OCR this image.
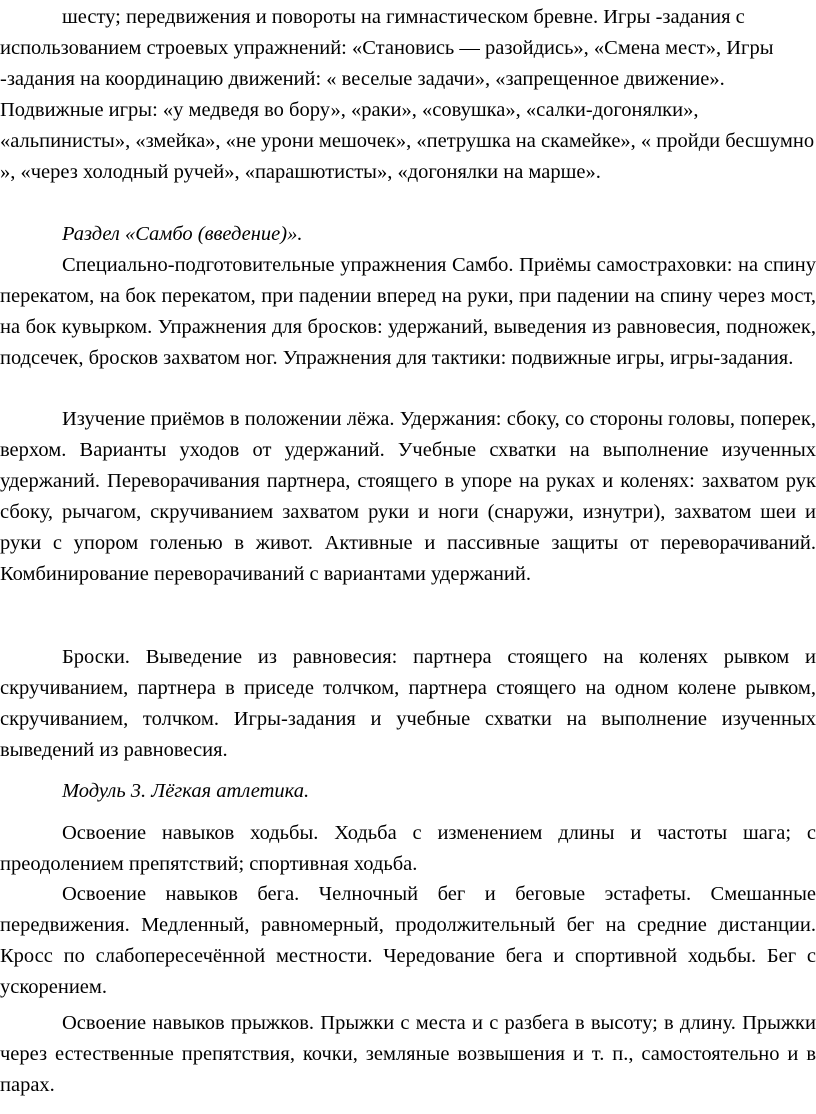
шесту; передвижения и повороты на гимнастическом бревне. Игры -задания с использованием строевых упражнений: «Становись — разойдись», «Смена мест», Игры -задания на координацию движений: « веселые задачи», «запрещенное движение». Подвижные игры: «у медведя во бору», «раки», «совушка», «салки-догонялки», «альпинисты», «змейка», «не урони мешочек», «петрушка на скамейке», « пройди бесшумно », «через холодный ручей», «парашютисты», «догонялки на марше».

Раздел «Самбо (введение)».

Специально-подготовительные упражнения Самбо. Приёмы самостраховки: на спину перекатом, на бок перекатом, при падении вперед на руки, при падении на спину через мост, на бок кувырком. Упражнения для бросков: удержаний, выведения из равновесия, подножек, подсечек, бросков захватом ног. Упражнения для тактики: подвижные игры, игры-задания.

Изучение приёмов в положении лёжа. Удержания: сбоку, со стороны головы, поперек, верхом. Варианты уходов от удержаний. Учебные схватки на выполнение изученных удержаний. Переворачивания партнера, стоящего в упоре на руках и коленях: захватом рук сбоку, рычагом, скручиванием захватом руки и ноги (снаружи, изнутри), захватом шеи и руки с упором голенью в живот. Активные и пассивные защиты от переворачиваний. Комбинирование переворачиваний с вариантами удержаний.

Броски. Выведение из равновесия: партнера стоящего на коленях рывком и скручиванием, партнера в приседе толчком, партнера стоящего на одном колене рывком, скручиванием, толчком. Игры-задания и учебные схватки на выполнение изученных выведений из равновесия.

Модуль 3. Лёгкая атлетика.

Освоение навыков ходьбы. Ходьба с изменением длины и частоты шага; с преодолением препятствий; спортивная ходьба.

Освоение навыков бега. Челночный бег и беговые эстафеты. Смешанные передвижения. Медленный, равномерный, продолжительный бег на средние дистанции. Кросс по слабопересечённой местности. Чередование бега и спортивной ходьбы. Бег с ускорением.

Освоение навыков прыжков. Прыжки с места и с разбега в высоту; в длину. Прыжки через естественные препятствия, кочки, земляные возвышения и т. п., самостоятельно и в парах.
